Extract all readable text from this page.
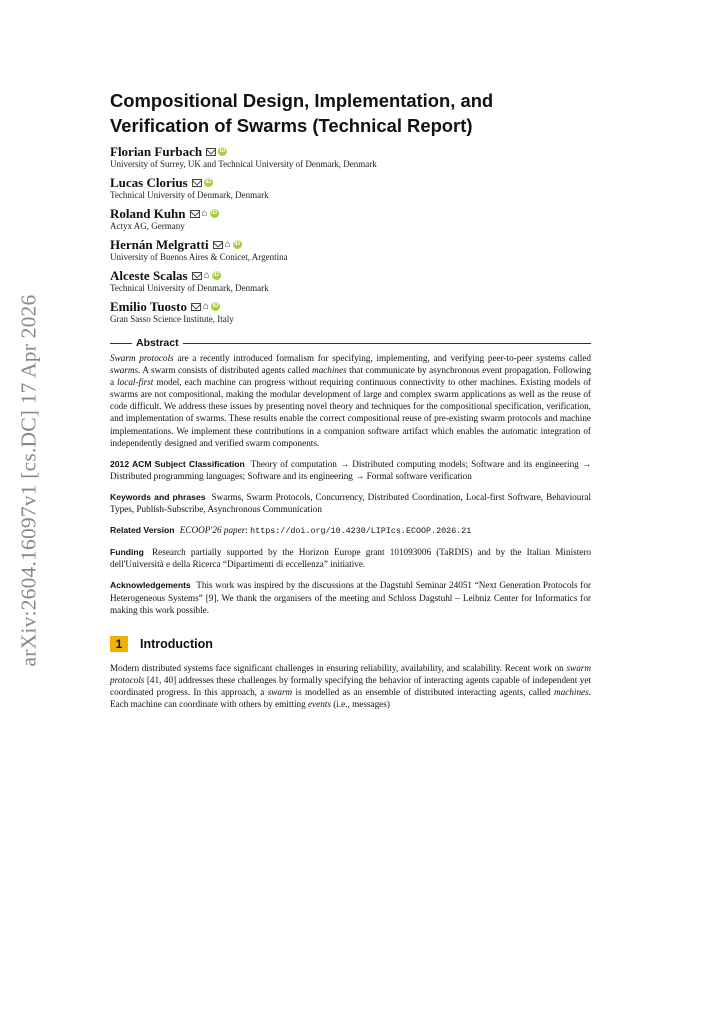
arXiv:2604.16097v1 [cs.DC] 17 Apr 2026
Compositional Design, Implementation, and Verification of Swarms (Technical Report)
Florian Furbach	iD
University of Surrey, UK and Technical University of Denmark, Denmark
Lucas Clorius	iD
Technical University of Denmark, Denmark
Roland Kuhn ⌂ iD
Actyx AG, Germany
Hernán Melgratti ⌂ iD
University of Buenos Aires & Conicet, Argentina
Alceste Scalas ⌂ iD
Technical University of Denmark, Denmark
Emilio Tuosto ⌂ iD
Gran Sasso Science Institute, Italy
Abstract

Swarm protocols are a recently introduced formalism for specifying, implementing, and verifying peer-to-peer systems called swarms. A swarm consists of distributed agents called machines that communicate by asynchronous event propagation. Following a local-first model, each machine can progress without requiring continuous connectivity to other machines. Existing models of swarms are not compositional, making the modular development of large and complex swarm applications as well as the reuse of code difficult. We address these issues by presenting novel theory and techniques for the compositional specification, verification, and implementation of swarms. These results enable the correct compositional reuse of pre-existing swarm protocols and machine implementations. We implement these contributions in a companion software artifact which enables the automatic integration of independently designed and verified swarm components.

2012 ACM Subject Classification Theory of computation → Distributed computing models; Software and its engineering → Distributed programming languages; Software and its engineering → Formal software verification

Keywords and phrases Swarms, Swarm Protocols, Concurrency, Distributed Coordination, Local-first Software, Behavioural Types, Publish-Subscribe, Asynchronous Communication

Related Version ECOOP'26 paper: https://doi.org/10.4230/LIPIcs.ECOOP.2026.21

Funding Research partially supported by the Horizon Europe grant 101093006 (TaRDIS) and by the Italian Ministero dell'Università e della Ricerca “Dipartimenti di eccellenza” initiative.

Acknowledgements This work was inspired by the discussions at the Dagstuhl Seminar 24051 “Next Generation Protocols for Heterogeneous Systems” [9]. We thank the organisers of the meeting and Schloss Dagstuhl – Leibniz Center for Informatics for making this work possible.

1	Introduction

Modern distributed systems face significant challenges in ensuring reliability, availability, and scalability. Recent work on swarm protocols [41, 40] addresses these challenges by formally specifying the behavior of interacting agents capable of independent yet coordinated progress. In this approach, a swarm is modelled as an ensemble of distributed interacting agents, called machines. Each machine can coordinate with others by emitting events (i.e., messages)
